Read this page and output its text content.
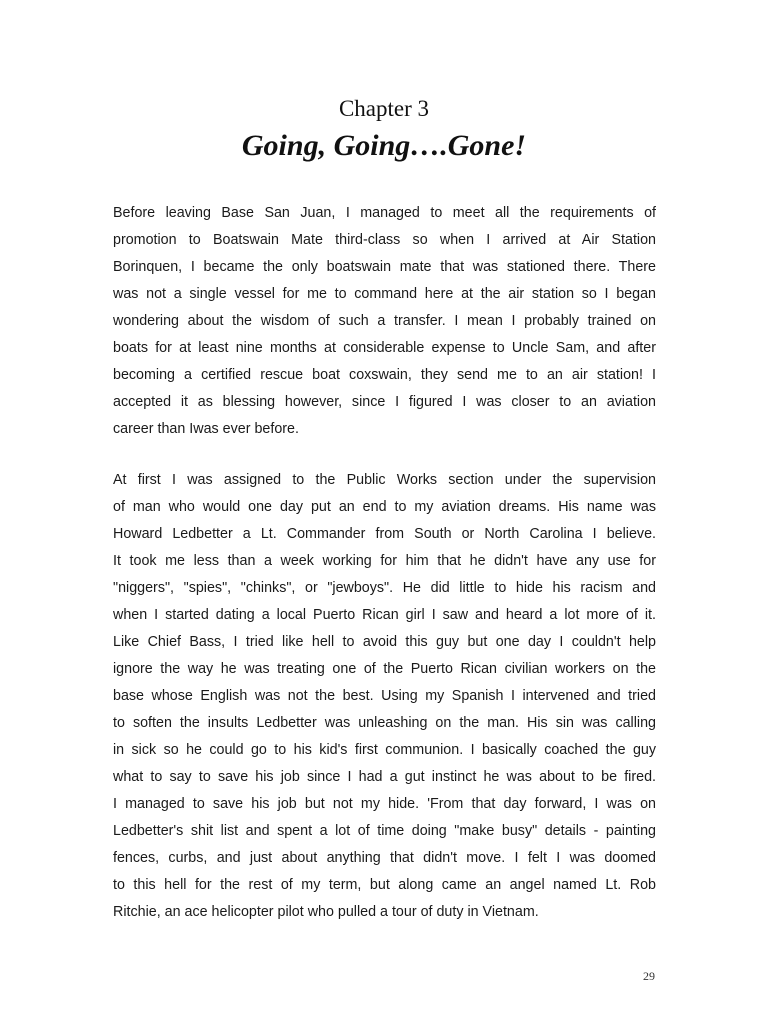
Chapter 3
Going, Going….Gone!
Before leaving Base San Juan, I managed to meet all the requirements of
promotion to Boatswain Mate third-class so when I arrived at Air Station
Borinquen, I became the only boatswain mate that was stationed there. There
was not a single vessel for me to command here at the air station so I began
wondering about the wisdom of such a transfer. I mean I probably trained on
boats for at least nine months at considerable expense to Uncle Sam, and after
becoming a certified rescue boat coxswain, they send me to an air station! I
accepted it as blessing however, since I figured I was closer to an aviation
career than Iwas ever before.
At first I was assigned to the Public Works section under the supervision
of man who would one day put an end to my aviation dreams. His name was
Howard Ledbetter a Lt. Commander from South or North Carolina I believe.
It took me less than a week working for him that he didn't have any use for
"niggers", "spies", "chinks", or "jewboys". He did little to hide his racism and
when I started dating a local Puerto Rican girl I saw and heard a lot more of it.
Like Chief Bass, I tried like hell to avoid this guy but one day I couldn't help
ignore the way he was treating one of the Puerto Rican civilian workers on the
base whose English was not the best. Using my Spanish I intervened and tried
to soften the insults Ledbetter was unleashing on the man. His sin was calling
in sick so he could go to his kid's first communion. I basically coached the guy
what to say to save his job since I had a gut instinct he was about to be fired.
I managed to save his job but not my hide. 'From that day forward, I was on
Ledbetter's shit list and spent a lot of time doing "make busy" details - painting
fences, curbs, and just about anything that didn't move. I felt I was doomed
to this hell for the rest of my term, but along came an angel named Lt. Rob
Ritchie, an ace helicopter pilot who pulled a tour of duty in Vietnam.
29
